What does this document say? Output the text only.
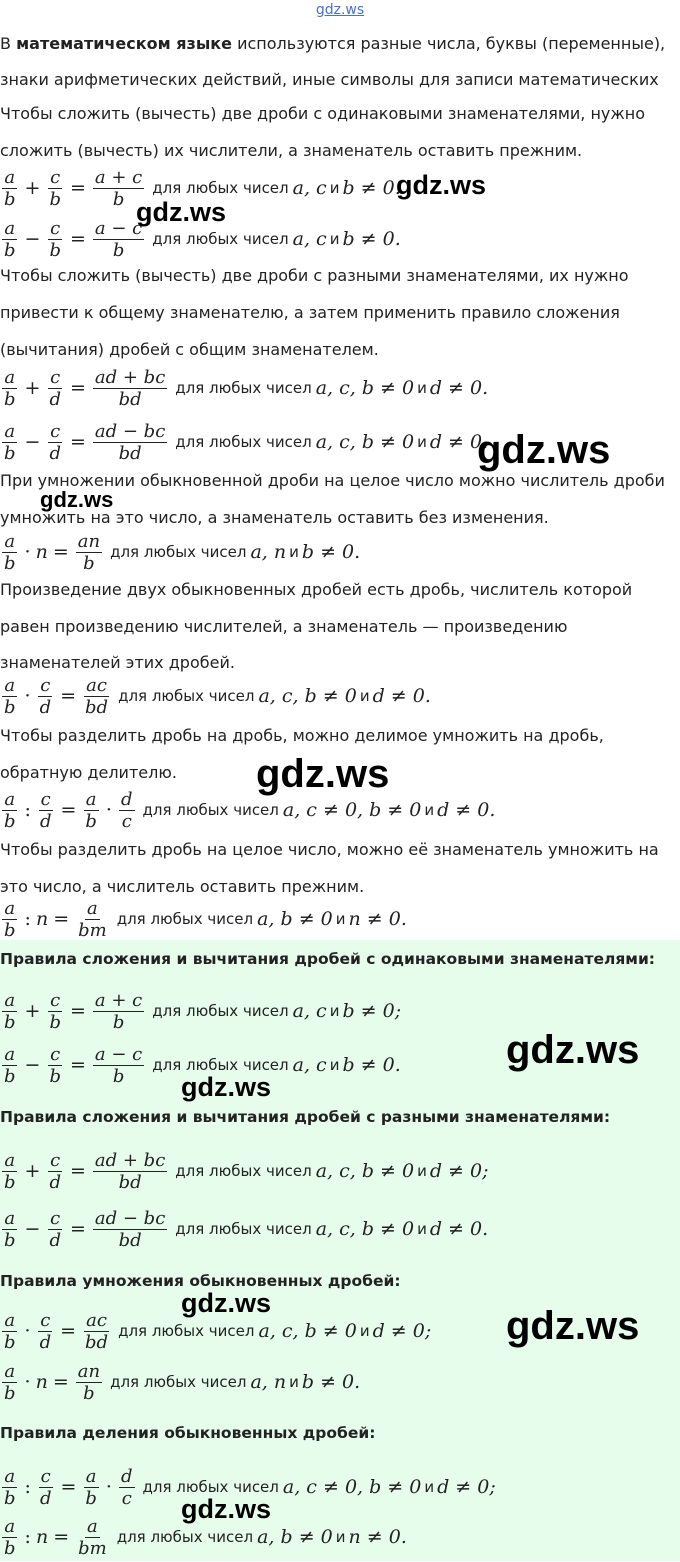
gdz.ws
В математическом языке используются разные числа, буквы (переменные),
знаки арифметических действий, иные символы для записи математических
Чтобы сложить (вычесть) две дроби с одинаковыми знаменателями, нужно
сложить (вычесть) их числители, а знаменатель оставить прежним.
a
$b + \frac{c}{b} = \frac{a + c}{b}$ для любых чисел a, c и b ≠ 0.
a
$b - \frac{c}{b} = \frac{a - c}{b}$ для любых чисел a, c и b ≠ 0.
Чтобы сложить (вычесть) две дроби с разными знаменателями, их нужно
привести к общему знаменателю, а затем применить правило сложения
(вычитания) дробей с общим знаменателем.
a
$b + \frac{c}{d} = \frac{ad + bc}{bd}$ для любых чисел a, c, b ≠ 0 и d ≠ 0.
a
$b - \frac{c}{d} = \frac{ad - bc}{bd}$ для любых чисел a, c, b ≠ 0 и d ≠ 0.
При умножении обыкновенной дроби на целое число можно числитель дроби
умножить на это число, а знаменатель оставить без изменения.
a
$b \cdot n = \frac{an}{b}$ для любых чисел a, n и b ≠ 0.
Произведение двух обыкновенных дробей есть дробь, числитель которой
равен произведению числителей, а знаменатель — произведению
знаменателей этих дробей.
a
$b \cdot \frac{c}{d} = \frac{ac}{bd}$ для любых чисел a, c, b ≠ 0 и d ≠ 0.
Чтобы разделить дробь на дробь, можно делимое умножить на дробь,
обратную делителю.
a
b : $\frac{c}{d} = \frac{a}{b} \cdot d$
c
для любых чисел a, c ≠ 0, b ≠ 0 и d ≠ 0.
Чтобы разделить дробь на целое число, можно её знаменатель умножить на
это число, а числитель оставить прежним.
a
b : $n = \frac{a}{bm}$ для любых чисел a, b ≠ 0 и n ≠ 0.
Правила сложения и вычитания дробей с одинаковыми знаменателями:
a
$b + \frac{c}{b} = \frac{a + c}{b}$ для любых чисел a, c и b ≠ 0;
a
$b - \frac{c}{b} = \frac{a - c}{b}$ для любых чисел a, c и b ≠ 0.
Правила сложения и вычитания дробей с разными знаменателями:
a
$b + \frac{c}{d} = \frac{ad + bc}{bd}$ для любых чисел a, c, b ≠ 0 и d ≠ 0;
a
$b - \frac{c}{d} = \frac{ad - bc}{bd}$ для любых чисел a, c, b ≠ 0 и d ≠ 0.
Правила умножения обыкновенных дробей:
a
$b \cdot \frac{c}{d} = \frac{ac}{bd}$ для любых чисел a, c, b ≠ 0 и d ≠ 0;
a
$b \cdot n = \frac{an}{b}$ для любых чисел a, n и b ≠ 0.
Правила деления обыкновенных дробей:
a
b : $\frac{c}{d} = \frac{a}{b} \cdot d$
c
для любых чисел a, c ≠ 0, b ≠ 0 и d ≠ 0;
a
b : $n = \frac{a}{bm}$ для любых чисел a, b ≠ 0 и n ≠ 0.
gdz.ws
gdz.ws
gdz.ws
gdz.ws
gdz.ws
gdz.ws
gdz.ws
gdz.ws
gdz.ws
gdz.ws
